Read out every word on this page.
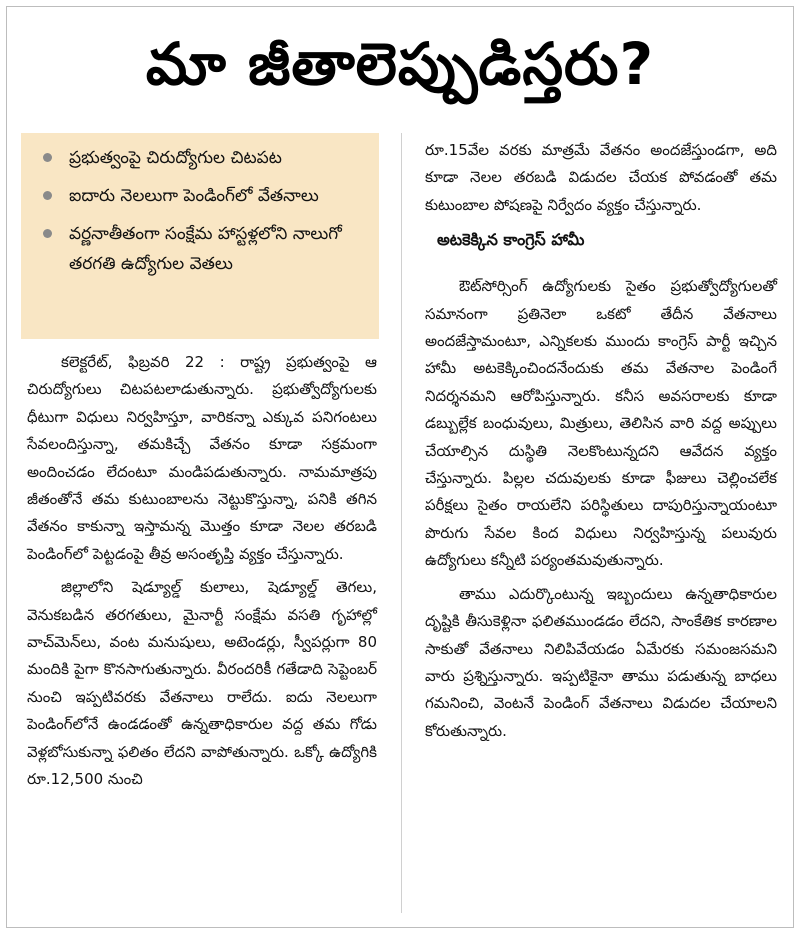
మా జీతాలెప్పుడిస్తరు?
ప్రభుత్వంపై చిరుద్యోగుల చిటపట
ఐదారు నెలలుగా పెండింగ్‌లో వేతనాలు
వర్ణనాతీతంగా సంక్షేమ హాస్టళ్లలోని నాలుగో తరగతి ఉద్యోగుల వెతలు

కలెక్టరేట్, ఫిబ్రవరి 22 : రాష్ట్ర ప్రభుత్వంపై ఆ చిరుద్యోగులు చిటపటలాడుతున్నారు. ప్రభుత్వోద్యోగులకు ధీటుగా విధులు నిర్వహిస్తూ, వారికన్నా ఎక్కువ పనిగంటలు సేవలందిస్తున్నా, తమకిచ్చే వేతనం కూడా సక్రమంగా అందించడం లేదంటూ మండిపడుతున్నారు. నామమాత్రపు జీతంతోనే తమ కుటుంబాలను నెట్టుకొస్తున్నా, పనికి తగిన వేతనం కాకున్నా ఇస్తామన్న మొత్తం కూడా నెలల తరబడి పెండింగ్‌లో పెట్టడంపై తీవ్ర అసంతృప్తి వ్యక్తం చేస్తున్నారు.

జిల్లాలోని షెడ్యూల్డ్ కులాలు, షెడ్యూల్డ్ తెగలు, వెనుకబడిన తరగతులు, మైనార్టీ సంక్షేమ వసతి గృహాల్లో వాచ్‌మెన్‌లు, వంట మనుషులు, అటెండర్లు, స్వీపర్లుగా 80 మందికి పైగా కొనసాగుతున్నారు. వీరందరికీ గతేడాది సెప్టెంబర్ నుంచి ఇప్పటివరకు వేతనాలు రాలేదు. ఐదు నెలలుగా పెండింగ్‌లోనే ఉండడంతో ఉన్నతాధికారుల వద్ద తమ గోడు వెళ్లబోసుకున్నా ఫలితం లేదని వాపోతున్నారు. ఒక్కో ఉద్యోగికి రూ.12,500 నుంచి

రూ.15వేల వరకు మాత్రమే వేతనం అందజేస్తుండగా, అది కూడా నెలల తరబడి విడుదల చేయక పోవడంతో తమ కుటుంబాల పోషణపై నిర్వేదం వ్యక్తం చేస్తున్నారు.

అటకెక్కిన కాంగ్రెస్ హామీ

ఔట్‌సోర్సింగ్ ఉద్యోగులకు సైతం ప్రభుత్వోద్యోగులతో సమానంగా ప్రతినెలా ఒకటో తేదీన వేతనాలు అందజేస్తామంటూ, ఎన్నికలకు ముందు కాంగ్రెస్ పార్టీ ఇచ్చిన హామీ అటకెక్కించిందనేందుకు తమ వేతనాల పెండింగే నిదర్శనమని ఆరోపిస్తున్నారు. కనీస అవసరాలకు కూడా డబ్బుల్లేక బంధువులు, మిత్రులు, తెలిసిన వారి వద్ద అప్పులు చేయాల్సిన దుస్థితి నెలకొంటున్నదని ఆవేదన వ్యక్తం చేస్తున్నారు. పిల్లల చదువులకు కూడా ఫీజులు చెల్లించలేక పరీక్షలు సైతం రాయలేని పరిస్థితులు దాపురిస్తున్నాయంటూ పొరుగు సేవల కింద విధులు నిర్వహిస్తున్న పలువురు ఉద్యోగులు కన్నీటి పర్యంతమవుతున్నారు.

తాము ఎదుర్కొంటున్న ఇబ్బందులు ఉన్నతాధికారుల దృష్టికి తీసుకెళ్లినా ఫలితముండడం లేదని, సాంకేతిక కారణాల సాకుతో వేతనాలు నిలిపివేయడం ఏమేరకు సమంజసమని వారు ప్రశ్నిస్తున్నారు. ఇప్పటికైనా తాము పడుతున్న బాధలు గమనించి, వెంటనే పెండింగ్ వేతనాలు విడుదల చేయాలని కోరుతున్నారు.
